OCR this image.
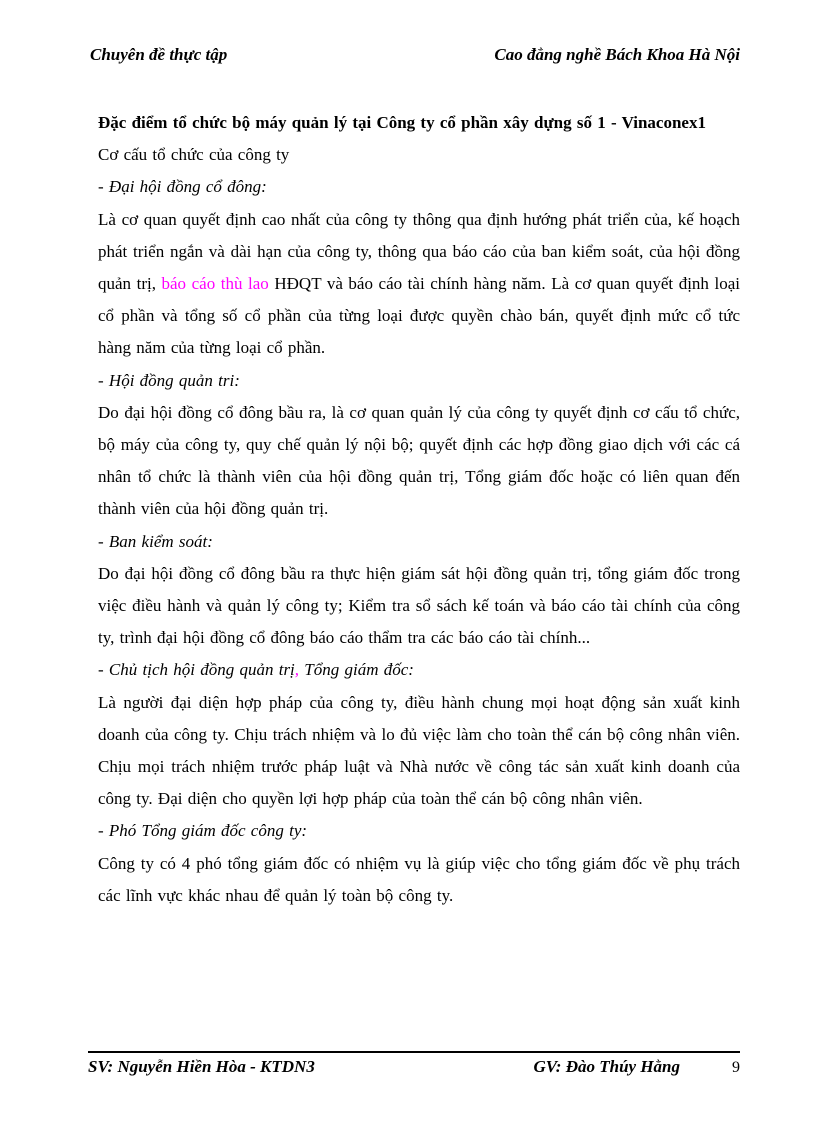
Chuyên đề thực tập	Cao đẳng nghề Bách Khoa Hà Nội

Đặc điểm tổ chức bộ máy quản lý tại Công ty cổ phần xây dựng số 1 - Vinaconex1

Cơ cấu tổ chức của công ty

- Đại hội đồng cổ đông:

Là cơ quan quyết định cao nhất của công ty thông qua định hướng phát triển của, kế hoạch phát triển ngắn và dài hạn của công ty, thông qua báo cáo của ban kiểm soát, của hội đồng quản trị, báo cáo thù lao HĐQT và báo cáo tài chính hàng năm. Là cơ quan quyết định loại cổ phần và tổng số cổ phần của từng loại được quyền chào bán, quyết định mức cổ tức hàng năm của từng loại cổ phần.

- Hội đồng quản tri:

Do đại hội đồng cổ đông bầu ra, là cơ quan quản lý của công ty quyết định cơ cấu tổ chức, bộ máy của công ty, quy chế quản lý nội bộ; quyết định các hợp đồng giao dịch với các cá nhân tổ chức là thành viên của hội đồng quản trị, Tổng giám đốc hoặc có liên quan đến thành viên của hội đồng quản trị.

- Ban kiểm soát:

Do đại hội đồng cổ đông bầu ra thực hiện giám sát hội đồng quản trị, tổng giám đốc trong việc điều hành và quản lý công ty; Kiểm tra sổ sách kế toán và báo cáo tài chính của công ty, trình đại hội đồng cổ đông báo cáo thẩm tra các báo cáo tài chính...

- Chủ tịch hội đồng quản trị, Tổng giám đốc:

Là người đại diện hợp pháp của công ty, điều hành chung mọi hoạt động sản xuất kinh doanh của công ty. Chịu trách nhiệm và lo đủ việc làm cho toàn thể cán bộ công nhân viên. Chịu mọi trách nhiệm trước pháp luật và Nhà nước về công tác sản xuất kinh doanh của công ty. Đại diện cho quyền lợi hợp pháp của toàn thể cán bộ công nhân viên.

- Phó Tổng giám đốc công ty:

Công ty có 4 phó tổng giám đốc có nhiệm vụ là giúp việc cho tổng giám đốc về phụ trách các lĩnh vực khác nhau để quản lý toàn bộ công ty.

SV: Nguyễn Hiền Hòa - KTDN3	GV: Đào Thúy Hằng	9
